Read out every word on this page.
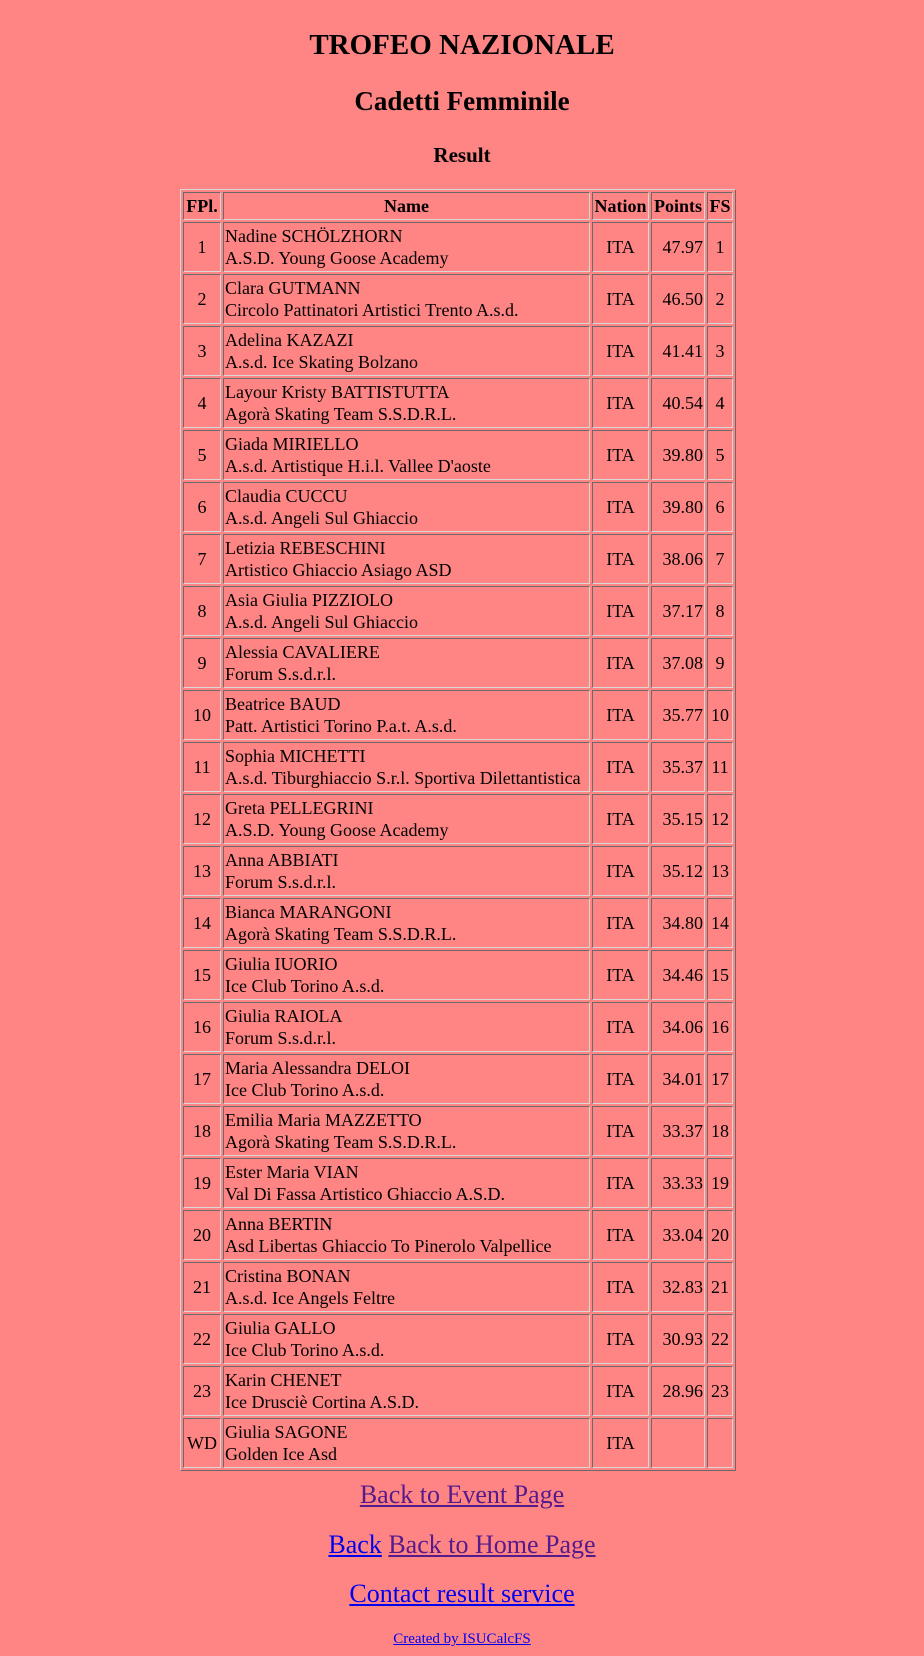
TROFEO NAZIONALE
Cadetti Femminile
Result
FPl.	Name	Nation	Points	FS
1	Nadine SCHÖLZHORN
A.S.D. Young Goose Academy	ITA	47.97	1
2	Clara GUTMANN
Circolo Pattinatori Artistici Trento A.s.d.	ITA	46.50	2
3	Adelina KAZAZI
A.s.d. Ice Skating Bolzano	ITA	41.41	3
4	Layour Kristy BATTISTUTTA
Agorà Skating Team S.S.D.R.L.	ITA	40.54	4
5	Giada MIRIELLO
A.s.d. Artistique H.i.l. Vallee D'aoste	ITA	39.80	5
6	Claudia CUCCU
A.s.d. Angeli Sul Ghiaccio	ITA	39.80	6
7	Letizia REBESCHINI
Artistico Ghiaccio Asiago ASD	ITA	38.06	7
8	Asia Giulia PIZZIOLO
A.s.d. Angeli Sul Ghiaccio	ITA	37.17	8
9	Alessia CAVALIERE
Forum S.s.d.r.l.	ITA	37.08	9
10	Beatrice BAUD
Patt. Artistici Torino P.a.t. A.s.d.	ITA	35.77	10
11	Sophia MICHETTI
A.s.d. Tiburghiaccio S.r.l. Sportiva Dilettantistica	ITA	35.37	11
12	Greta PELLEGRINI
A.S.D. Young Goose Academy	ITA	35.15	12
13	Anna ABBIATI
Forum S.s.d.r.l.	ITA	35.12	13
14	Bianca MARANGONI
Agorà Skating Team S.S.D.R.L.	ITA	34.80	14
15	Giulia IUORIO
Ice Club Torino A.s.d.	ITA	34.46	15
16	Giulia RAIOLA
Forum S.s.d.r.l.	ITA	34.06	16
17	Maria Alessandra DELOI
Ice Club Torino A.s.d.	ITA	34.01	17
18	Emilia Maria MAZZETTO
Agorà Skating Team S.S.D.R.L.	ITA	33.37	18
19	Ester Maria VIAN
Val Di Fassa Artistico Ghiaccio A.S.D.	ITA	33.33	19
20	Anna BERTIN
Asd Libertas Ghiaccio To Pinerolo Valpellice	ITA	33.04	20
21	Cristina BONAN
A.s.d. Ice Angels Feltre	ITA	32.83	21
22	Giulia GALLO
Ice Club Torino A.s.d.	ITA	30.93	22
23	Karin CHENET
Ice Drusciè Cortina A.S.D.	ITA	28.96	23
WD	Giulia SAGONE
Golden Ice Asd	ITA		
Back to Event Page
Back Back to Home Page
Contact result service
Created by ISUCalcFS
